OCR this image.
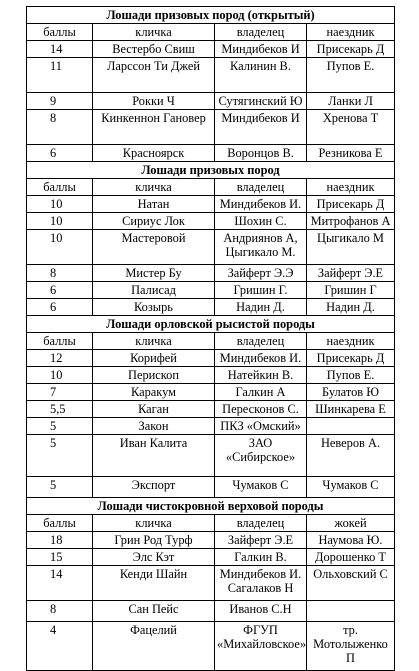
Лошади призовых пород (открытый)			
баллы	кличка	владелец	наездник
14	Вестербо Свиш	Миндибеков И	Присекарь Д
11	Ларссон Ти Джей	Калинин В.	Пупов Е.
9	Рокки Ч	Сутягинский Ю	Ланки Л
8	Кинкеннон Гановер	Миндибеков И	Хренова Т
6	Красноярск	Воронцов В.	Резникова Е
Лошади призовых пород			
баллы	кличка	владелец	наездник
10	Натан	Миндибеков И.	Присекарь Д
10	Сириус Лок	Шохин С.	Митрофанов А
10	Мастеровой	Андриянов А, Цыгикало М.	Цыгикало М
8	Мистер Бу	Зайферт Э.Э	Зайферт Э.Е
6	Палисад	Гришин Г.	Гришин Г
6	Козырь	Надин Д.	Надин Д.
Лошади орловской рысистой породы			
баллы	кличка	владелец	наездник
12	Корифей	Миндибеков И.	Присекарь Д
10	Перископ	Натейкин В.	Пупов Е.
7	Каракум	Галкин А	Булатов Ю
5,5	Каган	Пересконов С.	Шинкарева Е
5	Закон	ПКЗ «Омский»	
5	Иван Калита	ЗАО «Сибирское»	Неверов А.
5	Экспорт	Чумаков С	Чумаков С
Лошади чистокровной верховой породы			
баллы	кличка	владелец	жокей
18	Грин Род Турф	Зайферт Э.Е	Наумова Ю.
15	Элс Кэт	Галкин В.	Дорошенко Т
14	Кенди Шайн	Миндибеков И. Сагалаков Н	Ольховский С
8	Сан Пейс	Иванов С.Н	
4	Фацелий	ФГУП «Михайловское»	тр. Мотолыженко П
